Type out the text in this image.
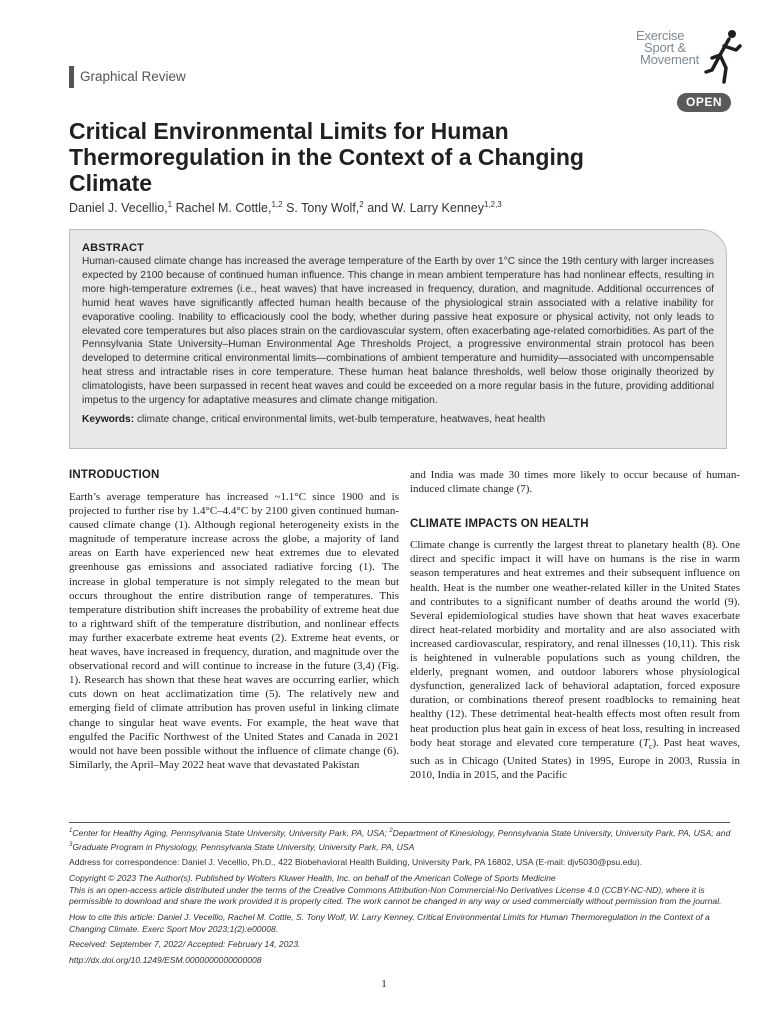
Graphical Review
Exercise
Sport &
Movement
OPEN
Critical Environmental Limits for Human Thermoregulation in the Context of a Changing Climate
Daniel J. Vecellio,$^1$ Rachel M. Cottle,$^{1,2}$ S. Tony Wolf,$^2$ and W. Larry Kenney$^{1,2,3}$
ABSTRACT
Human-caused climate change has increased the average temperature of the Earth by over 1°C since the 19th century with larger increases expected by 2100 because of continued human influence. This change in mean ambient temperature has had nonlinear effects, resulting in more high-temperature extremes (i.e., heat waves) that have increased in frequency, duration, and magnitude. Additional occurrences of humid heat waves have significantly affected human health because of the physiological strain associated with a relative inability for evaporative cooling. Inability to efficaciously cool the body, whether during passive heat exposure or physical activity, not only leads to elevated core temperatures but also places strain on the cardiovascular system, often exacerbating age-related comorbidities. As part of the Pennsylvania State University–Human Environmental Age Thresholds Project, a progressive environmental strain protocol has been developed to determine critical environmental limits—combinations of ambient temperature and humidity—associated with uncompensable heat stress and intractable rises in core temperature. These human heat balance thresholds, well below those originally theorized by climatologists, have been surpassed in recent heat waves and could be exceeded on a more regular basis in the future, providing additional impetus to the urgency for adaptative measures and climate change mitigation.
Keywords: climate change, critical environmental limits, wet-bulb temperature, heatwaves, heat health
INTRODUCTION

Earth’s average temperature has increased ~1.1°C since 1900 and is projected to further rise by 1.4°C–4.4°C by 2100 given continued human-caused climate change (1). Although regional heterogeneity exists in the magnitude of temperature increase across the globe, a majority of land areas on Earth have experienced new heat extremes due to elevated greenhouse gas emissions and associated radiative forcing (1). The increase in global temperature is not simply relegated to the mean but occurs throughout the entire distribution range of temperatures. This temperature distribution shift increases the probability of extreme heat due to a rightward shift of the temperature distribution, and nonlinear effects may further exacerbate extreme heat events (2). Extreme heat events, or heat waves, have increased in frequency, duration, and magnitude over the observational record and will continue to increase in the future (3,4) (Fig. 1). Research has shown that these heat waves are occurring earlier, which cuts down on heat acclimatization time (5). The relatively new and emerging field of climate attribution has proven useful in linking climate change to singular heat wave events. For example, the heat wave that engulfed the Pacific Northwest of the United States and Canada in 2021 would not have been possible without the influence of climate change (6). Similarly, the April–May 2022 heat wave that devastated Pakistan

and India was made 30 times more likely to occur because of human-induced climate change (7).

CLIMATE IMPACTS ON HEALTH

Climate change is currently the largest threat to planetary health (8). One direct and specific impact it will have on humans is the rise in warm season temperatures and heat extremes and their subsequent influence on health. Heat is the number one weather-related killer in the United States and contributes to a significant number of deaths around the world (9). Several epidemiological studies have shown that heat waves exacerbate direct heat-related morbidity and mortality and are also associated with increased cardiovascular, respiratory, and renal illnesses (10,11). This risk is heightened in vulnerable populations such as young children, the elderly, pregnant women, and outdoor laborers whose physiological dysfunction, generalized lack of behavioral adaptation, forced exposure duration, or combinations thereof present roadblocks to remaining heat healthy (12). These detrimental heat-health effects most often result from heat production plus heat gain in excess of heat loss, resulting in increased body heat storage and elevated core temperature $(T_c)$. Past heat waves, such as in Chicago (United States) in 1995, Europe in 2003, Russia in 2010, India in 2015, and the Pacific

$^1$Center for Healthy Aging, Pennsylvania State University, University Park, PA, USA; $^2$Department of Kinesiology, Pennsylvania State University, University Park, PA, USA; and
$^3$Graduate Program in Physiology, Pennsylvania State University, University Park, PA, USA

Address for correspondence: Daniel J. Vecellio, Ph.D., 422 Biobehavioral Health Building, University Park, PA 16802, USA (E-mail: djv5030@psu.edu).

Copyright © 2023 The Author(s). Published by Wolters Kluwer Health, Inc. on behalf of the American College of Sports Medicine
This is an open-access article distributed under the terms of the Creative Commons Attribution-Non Commercial-No Derivatives License 4.0 (CCBY-NC-ND), where it is permissible to download and share the work provided it is properly cited. The work cannot be changed in any way or used commercially without permission from the journal.

How to cite this article: Daniel J. Vecellio, Rachel M. Cottle, S. Tony Wolf, W. Larry Kenney. Critical Environmental Limits for Human Thermoregulation in the Context of a Changing Climate. Exerc Sport Mov 2023;1(2):e00008.

Received: September 7, 2022/ Accepted: February 14, 2023.

http://dx.doi.org/10.1249/ESM.0000000000000008

1
